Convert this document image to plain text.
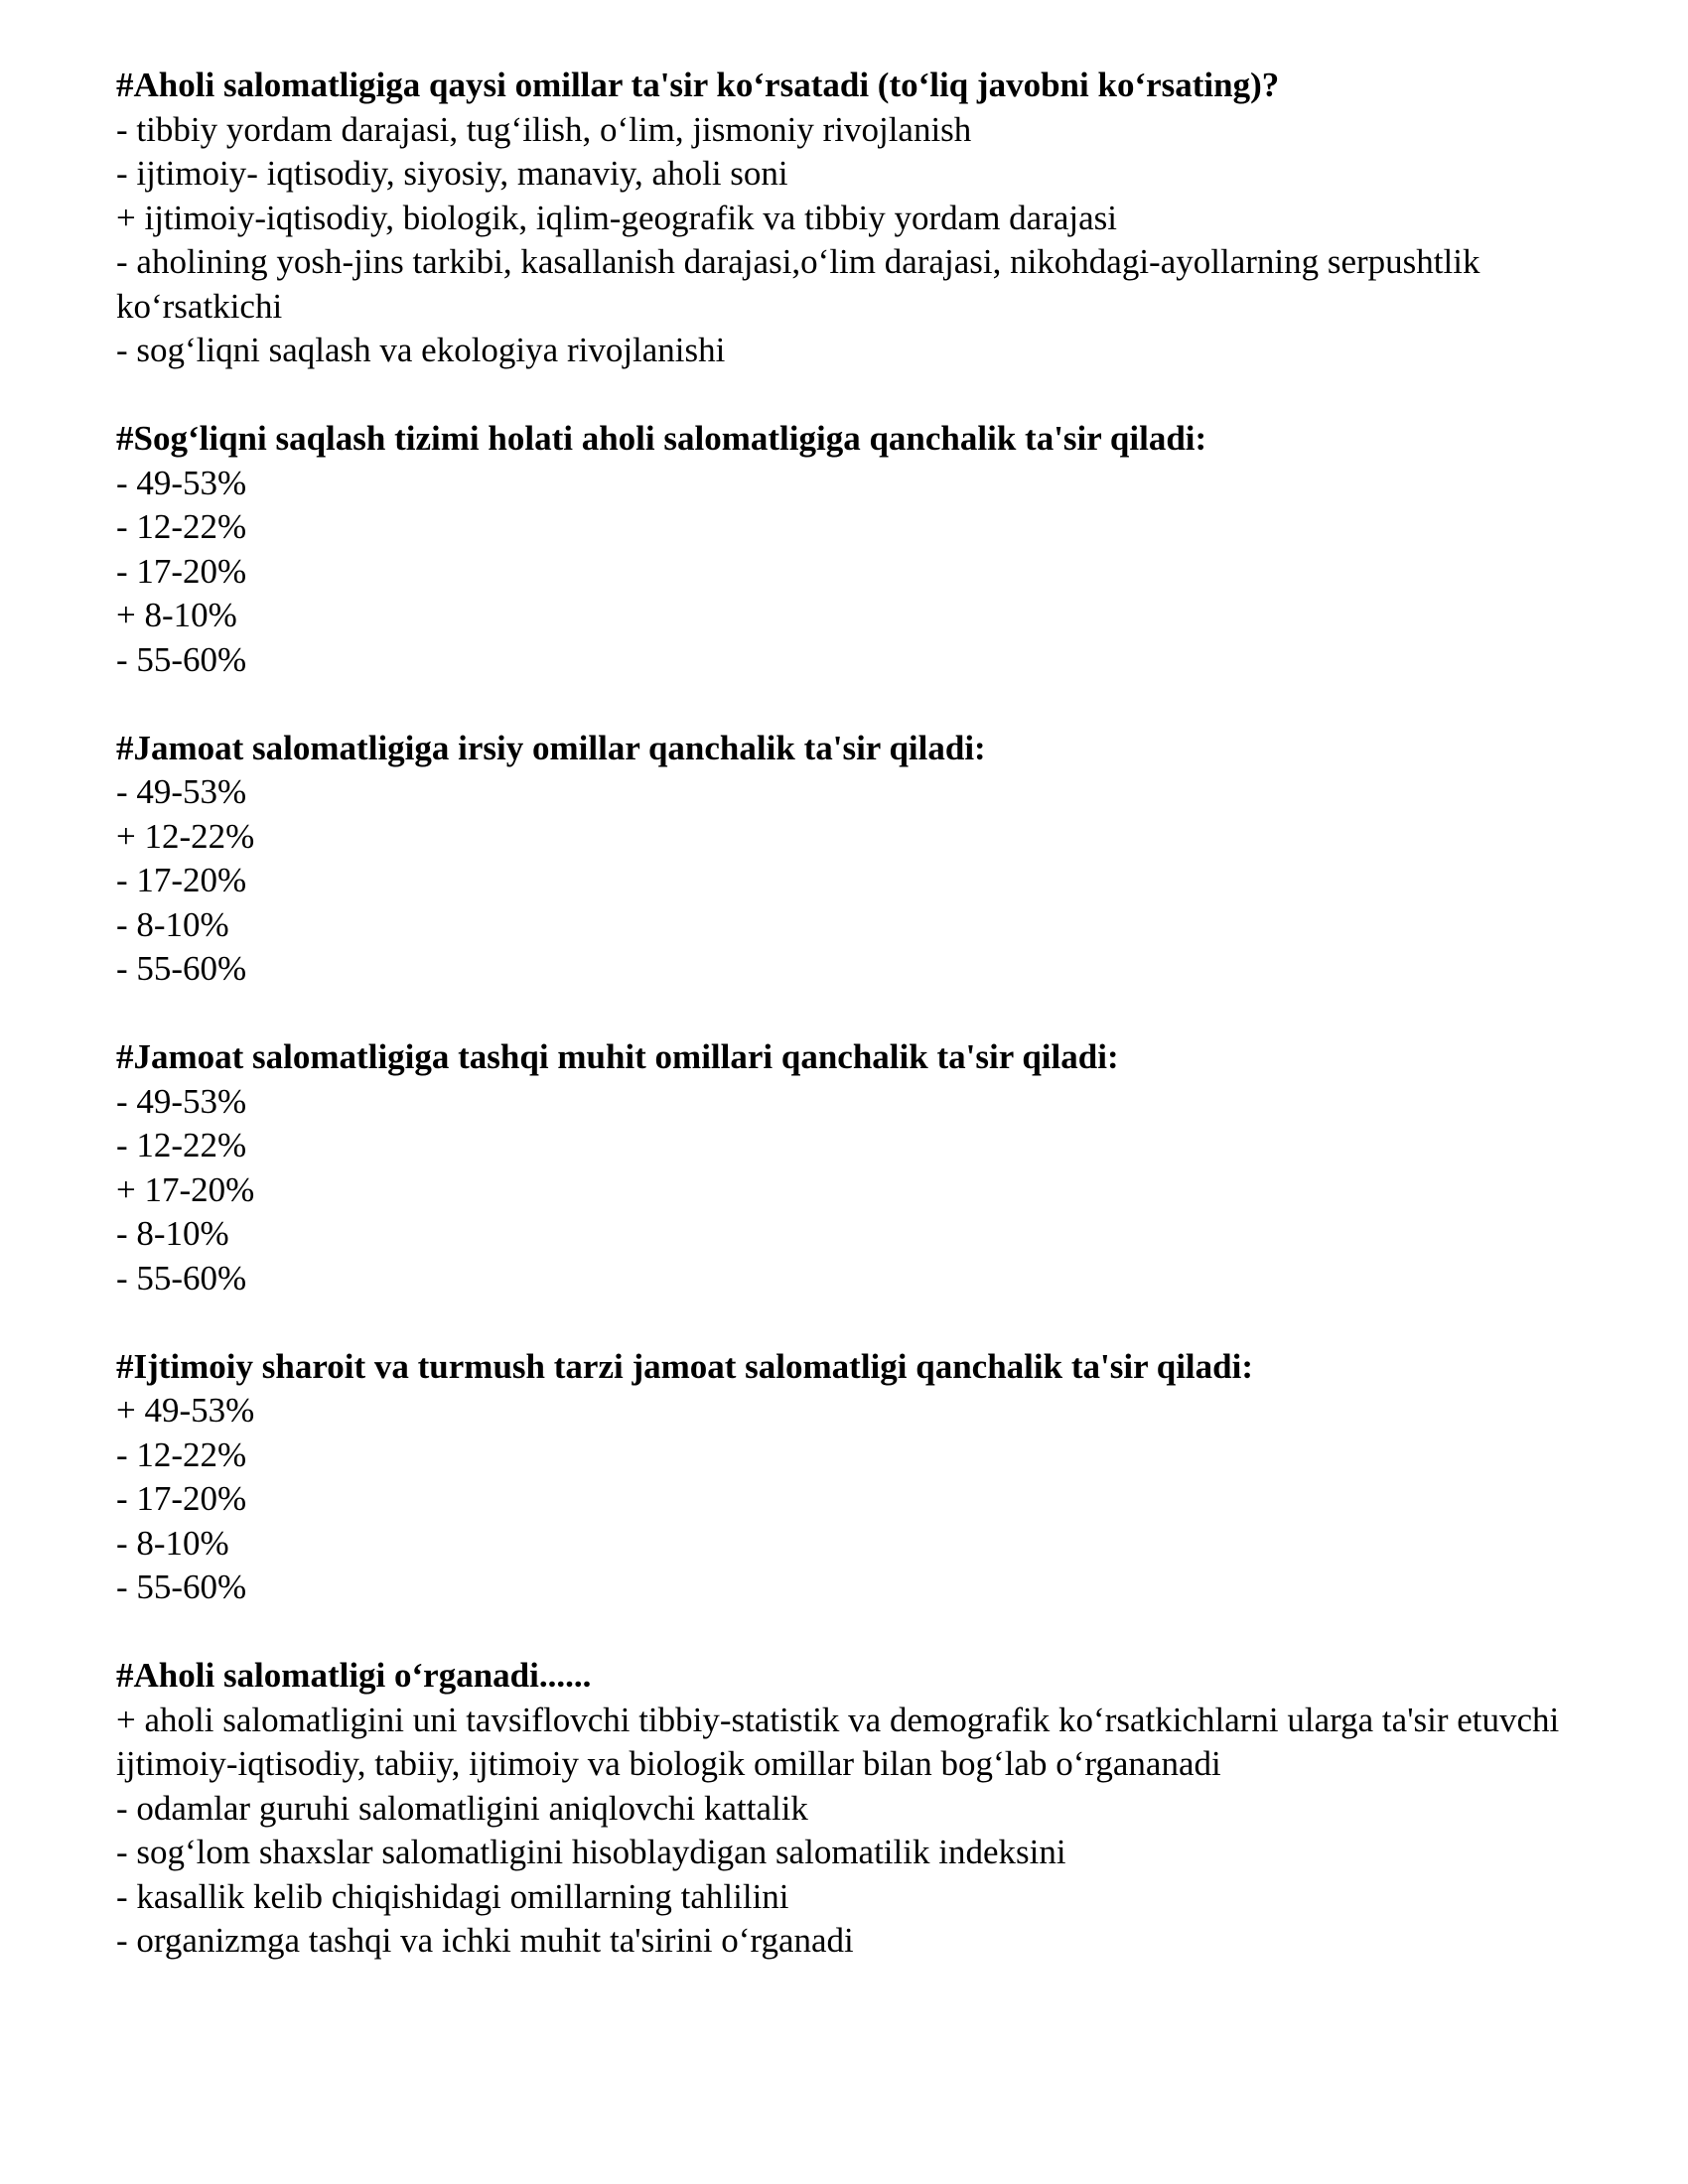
#Aholi salomatligiga qaysi omillar ta'sir ko‘rsatadi (to‘liq javobni ko‘rsating)?

- tibbiy yordam darajasi, tug‘ilish, o‘lim, jismoniy rivojlanish

- ijtimoiy- iqtisodiy, siyosiy, manaviy, aholi soni

+ ijtimoiy-iqtisodiy, biologik, iqlim-geografik va tibbiy yordam darajasi

- aholining yosh-jins tarkibi, kasallanish darajasi,o‘lim darajasi, nikohdagi-ayollarning serpushtlik ko‘rsatkichi

- sog‘liqni saqlash va ekologiya rivojlanishi

#Sog‘liqni saqlash tizimi holati aholi salomatligiga qanchalik ta'sir qiladi:

- 49-53%

- 12-22%

- 17-20%

+ 8-10%

- 55-60%

#Jamoat salomatligiga irsiy omillar qanchalik ta'sir qiladi:

- 49-53%

+ 12-22%

- 17-20%

- 8-10%

- 55-60%

#Jamoat salomatligiga tashqi muhit omillari qanchalik ta'sir qiladi:

- 49-53%

- 12-22%

+ 17-20%

- 8-10%

- 55-60%

#Ijtimoiy sharoit va turmush tarzi jamoat salomatligi qanchalik ta'sir qiladi:

+ 49-53%

- 12-22%

- 17-20%

- 8-10%

- 55-60%

#Aholi salomatligi o‘rganadi......

+ aholi salomatligini uni tavsiflovchi tibbiy-statistik va demografik ko‘rsatkichlarni ularga ta'sir etuvchi ijtimoiy-iqtisodiy, tabiiy, ijtimoiy va biologik omillar bilan bog‘lab o‘rgananadi

- odamlar guruhi salomatligini aniqlovchi kattalik

- sog‘lom shaxslar salomatligini hisoblaydigan salomatilik indeksini

- kasallik kelib chiqishidagi omillarning tahlilini

- organizmga tashqi va ichki muhit ta'sirini o‘rganadi
